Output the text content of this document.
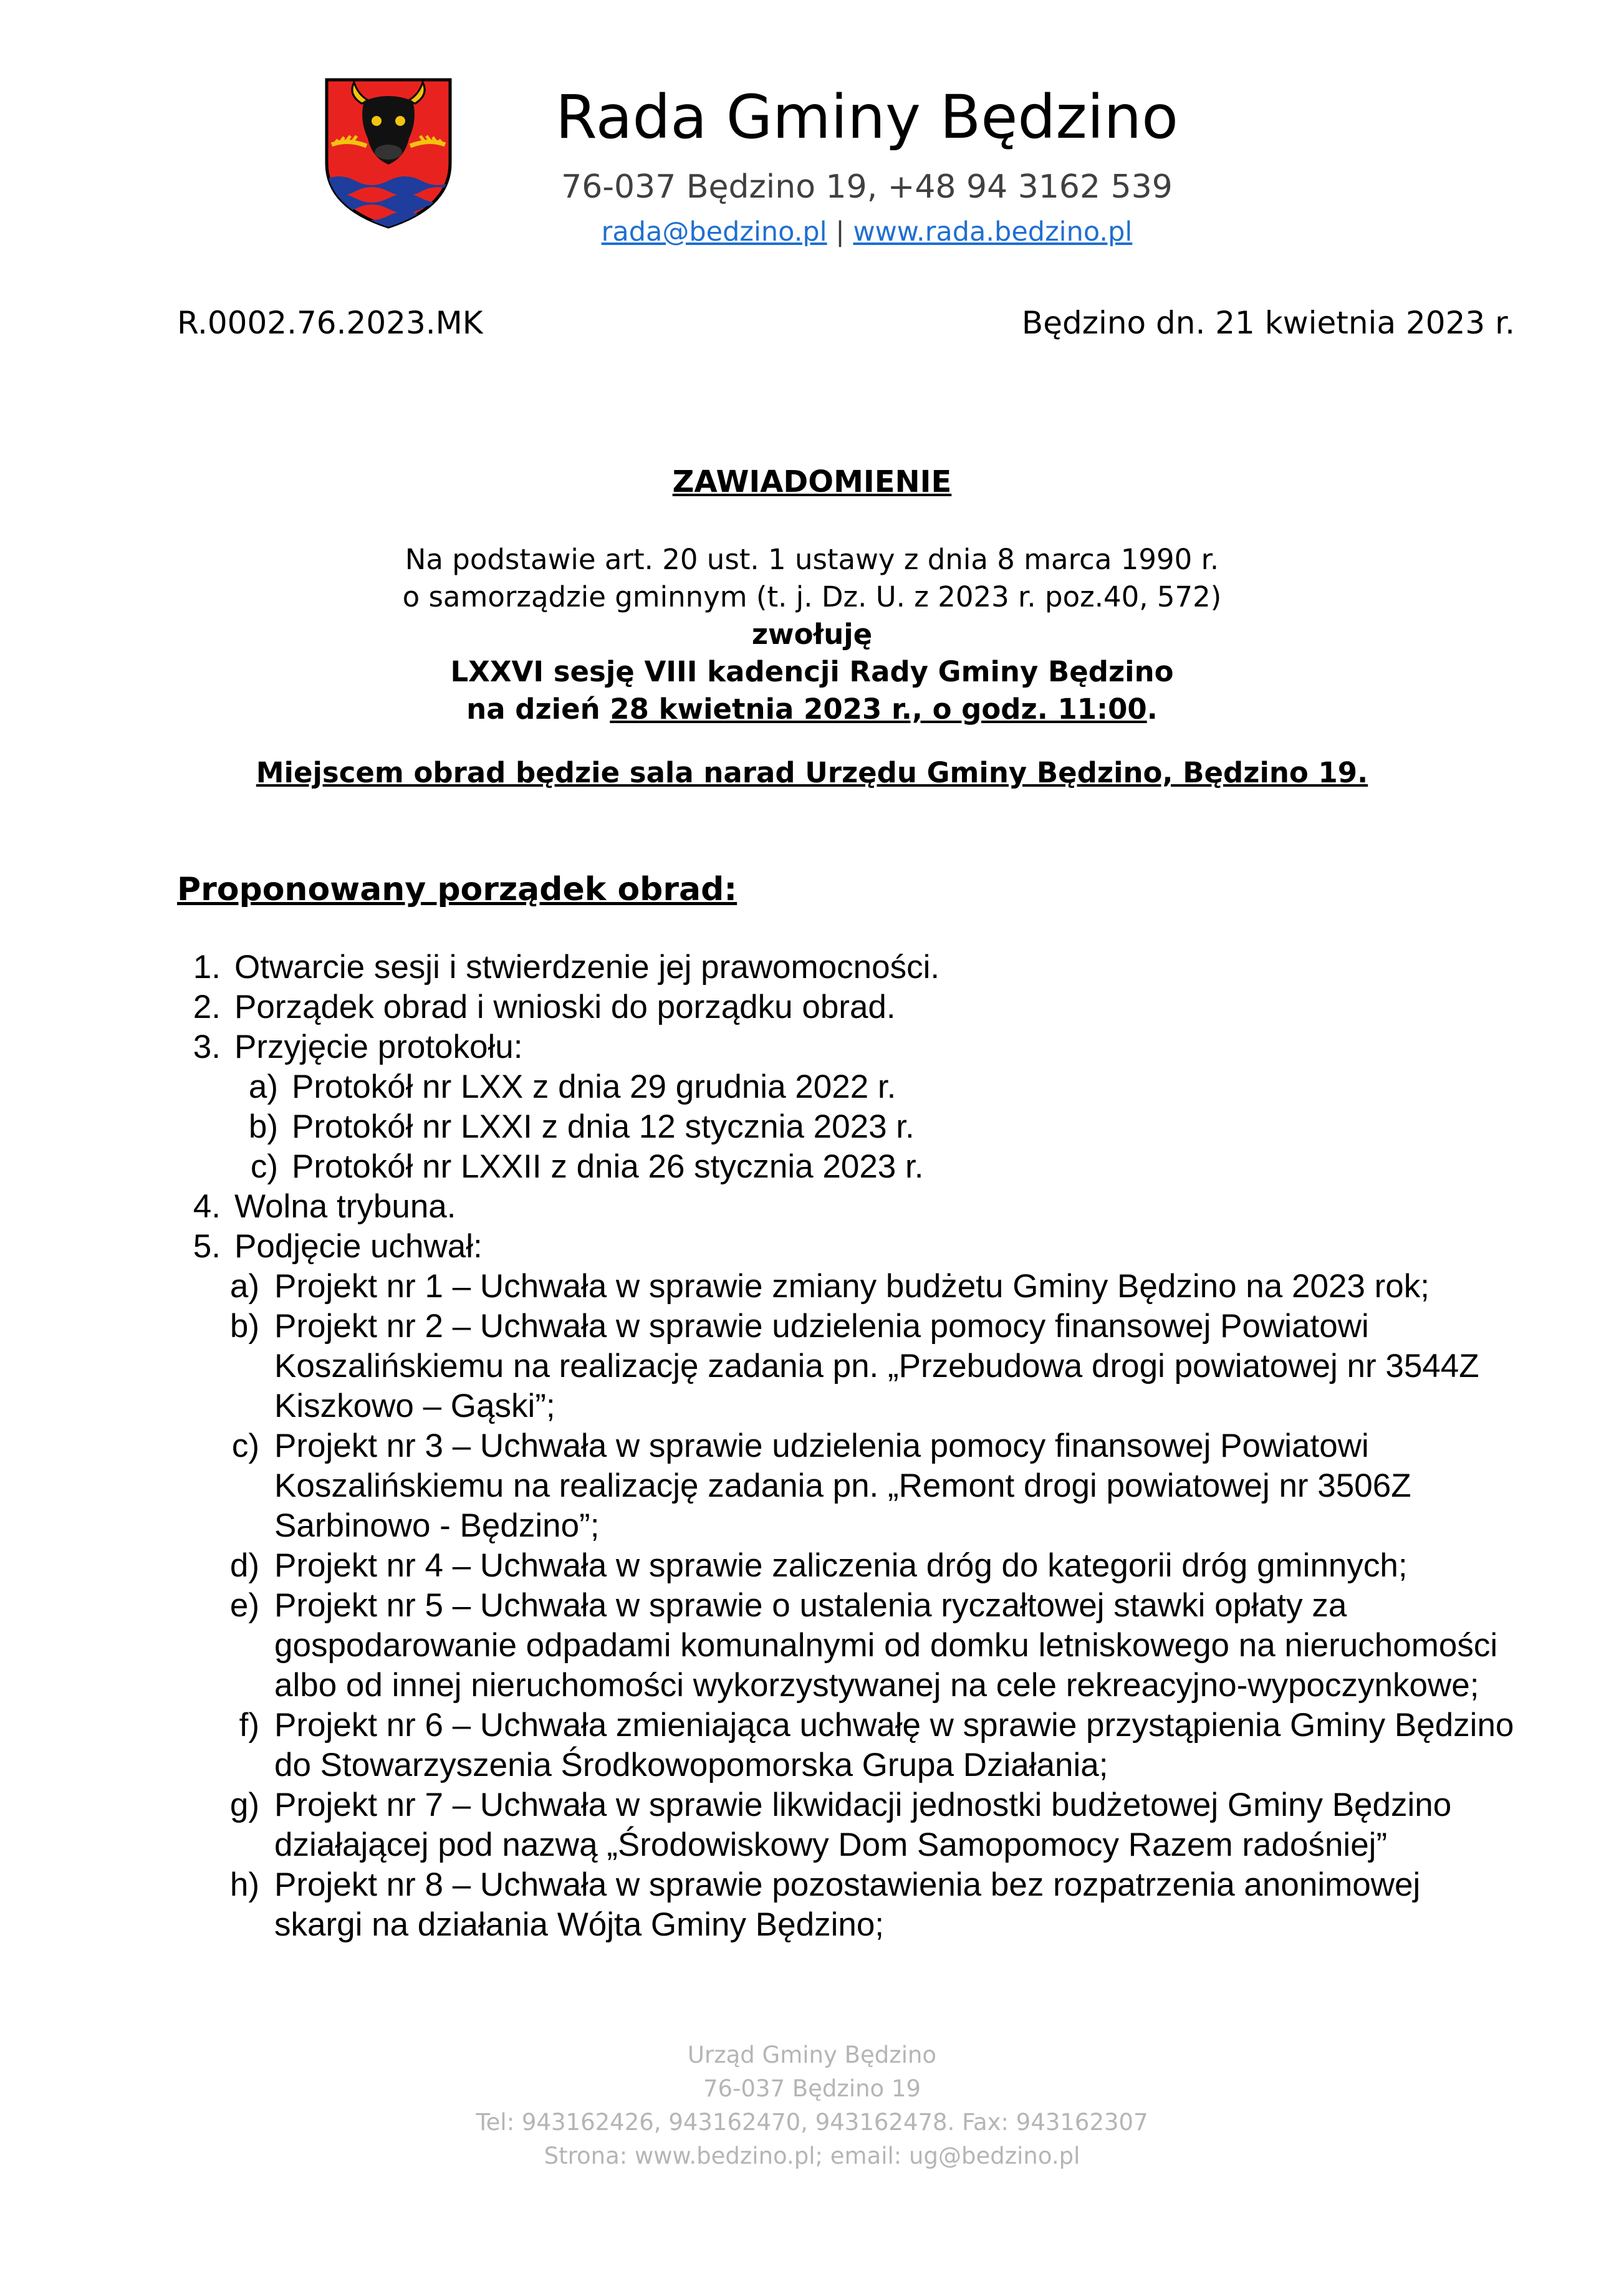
Rada Gminy Będzino
76-037 Będzino 19, +48 94 3162 539
rada@bedzino.pl | www.rada.bedzino.pl
R.0002.76.2023.MK	Będzino dn. 21 kwietnia 2023 r.
ZAWIADOMIENIE
Na podstawie art. 20 ust. 1 ustawy z dnia 8 marca 1990 r.
o samorządzie gminnym (t. j. Dz. U. z 2023 r. poz.40, 572)
zwołuję
LXXVI sesję VIII kadencji Rady Gminy Będzino
na dzień 28 kwietnia 2023 r., o godz. 11:00.
Miejscem obrad będzie sala narad Urzędu Gminy Będzino, Będzino 19.
Proponowany porządek obrad:
1. Otwarcie sesji i stwierdzenie jej prawomocności.
2. Porządek obrad i wnioski do porządku obrad.
3. Przyjęcie protokołu:
a) Protokół nr LXX z dnia 29 grudnia 2022 r.
b) Protokół nr LXXI z dnia 12 stycznia 2023 r.
c) Protokół nr LXXII z dnia 26 stycznia 2023 r.
4. Wolna trybuna.
5. Podjęcie uchwał:
a) Projekt nr 1 – Uchwała w sprawie zmiany budżetu Gminy Będzino na 2023 rok;
b) Projekt nr 2 – Uchwała w sprawie udzielenia pomocy finansowej Powiatowi Koszalińskiemu na realizację zadania pn. „Przebudowa drogi powiatowej nr 3544Z Kiszkowo – Gąski”;
c) Projekt nr 3 – Uchwała w sprawie udzielenia pomocy finansowej Powiatowi Koszalińskiemu na realizację zadania pn. „Remont drogi powiatowej nr 3506Z Sarbinowo - Będzino”;
d) Projekt nr 4 – Uchwała w sprawie zaliczenia dróg do kategorii dróg gminnych;
e) Projekt nr 5 – Uchwała w sprawie o ustalenia ryczałtowej stawki opłaty za gospodarowanie odpadami komunalnymi od domku letniskowego na nieruchomości albo od innej nieruchomości wykorzystywanej na cele rekreacyjno-wypoczynkowe;
f) Projekt nr 6 – Uchwała zmieniająca uchwałę w sprawie przystąpienia Gminy Będzino do Stowarzyszenia Środkowopomorska Grupa Działania;
g) Projekt nr 7 – Uchwała w sprawie likwidacji jednostki budżetowej Gminy Będzino działającej pod nazwą „Środowiskowy Dom Samopomocy Razem radośniej”
h) Projekt nr 8 – Uchwała w sprawie pozostawienia bez rozpatrzenia anonimowej skargi na działania Wójta Gminy Będzino;
Urząd Gminy Będzino
76-037 Będzino 19
Tel: 943162426, 943162470, 943162478. Fax: 943162307
Strona: www.bedzino.pl; email: ug@bedzino.pl
